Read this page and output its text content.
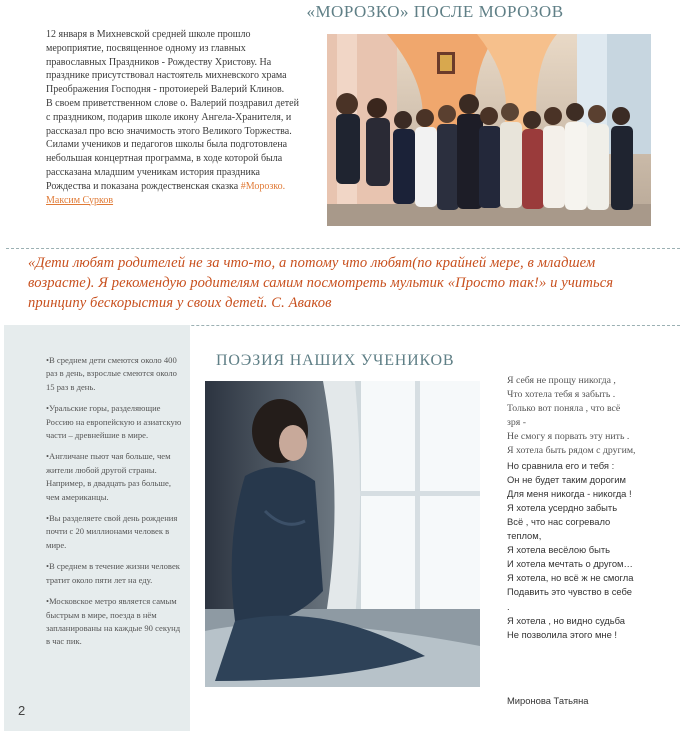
«МОРОЗКО» ПОСЛЕ МОРОЗОВ
12 января в Михневской средней школе прошло мероприятие, посвященное одному из главных православных Праздников - Рождеству Христову. На празднике присутствовал настоятель михневского храма Преображения Господня - протоиерей Валерий Клинов.
В своем приветственном слове о. Валерий поздравил детей с праздником, подарив школе икону Ангела-Хранителя, и рассказал про всю значимость этого Великого Торжества.
Силами учеников и педагогов школы была подготовлена небольшая концертная программа, в ходе которой была рассказана младшим ученикам история праздника Рождества и показана рождественская сказка #Морозко.
Максим Сурков
«Дети любят родителей не за что-то, а потому что любят(по крайней мере, в младшем возрасте). Я рекомендую родителям самим посмотреть мультик «Просто так!» и учиться принципу бескорыстия у своих детей. С. Аваков
•В среднем дети смеются около 400 раз в день, взрослые смеются около 15 раз в день.
•Уральские горы, разделяющие Россию на европейскую и азиатскую части – древнейшие в мире.
•Англичане пьют чая больше, чем жители любой другой страны. Например, в двадцать раз больше, чем американцы.
•Вы разделяете свой день рождения почти с 20 миллионами человек в мире.
•В среднем в течение жизни человек тратит около пяти лет на еду.
•Московское метро является самым быстрым в мире, поезда в нём запланированы на каждые 90 секунд в час пик.
2
ПОЭЗИЯ НАШИХ УЧЕНИКОВ
Я себя не прощу никогда ,
Что хотела тебя я забыть .
Только вот поняла , что всё зря -
Не смогу я порвать эту нить .
Я хотела быть рядом с другим,
Но сравнила его и тебя :
Он не будет таким дорогим
Для меня никогда - никогда !
Я хотела усердно забыть
Всё , что нас согревало теплом,
Я хотела весёлою быть
И хотела мечтать о другом…
Я хотела, но всё ж не смогла
Подавить это чувство в себе .
Я хотела , но видно судьба
Не позволила этого мне !
Миронова Татьяна
